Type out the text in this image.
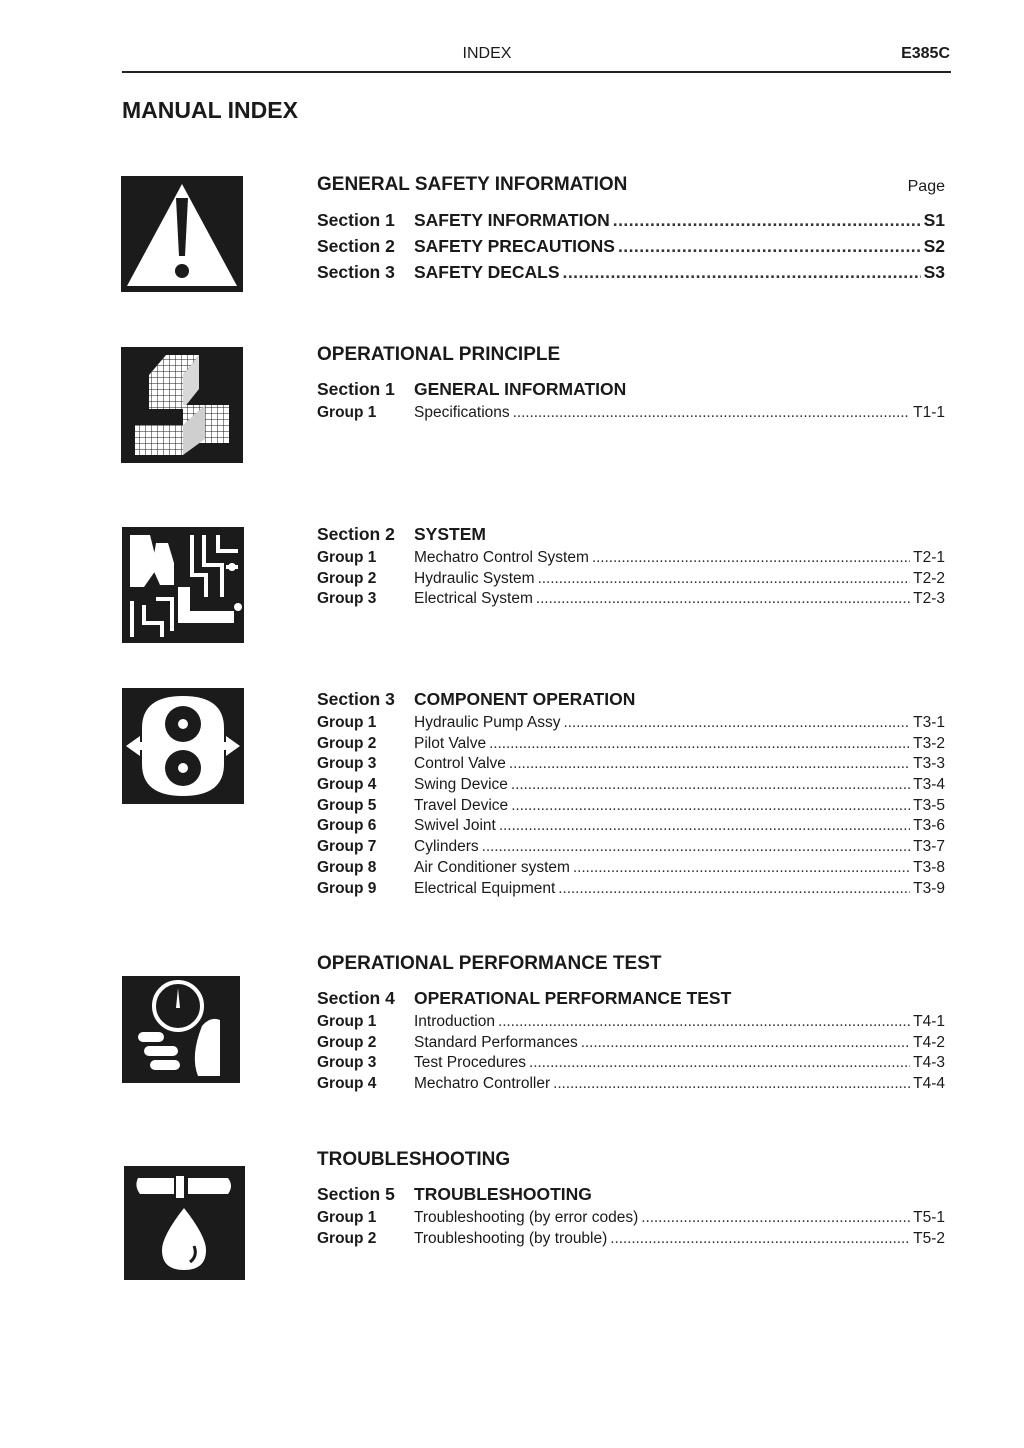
INDEX	E385C
MANUAL INDEX
GENERAL SAFETY INFORMATION	Page
Section 1	SAFETY INFORMATION . . .	S1
Section 2	SAFETY PRECAUTIONS . . .	S2
Section 3	SAFETY DECALS . . .	S3
OPERATIONAL PRINCIPLE
Section 1	GENERAL INFORMATION
Group 1	Specifications . . .	T1-1
Section 2	SYSTEM
Group 1	Mechatro Control System . . .	T2-1
Group 2	Hydraulic System . . .	T2-2
Group 3	Electrical System . . .	T2-3
Section 3	COMPONENT OPERATION
Group 1	Hydraulic Pump Assy . . .	T3-1
Group 2	Pilot Valve . . .	T3-2
Group 3	Control Valve . . .	T3-3
Group 4	Swing Device . . .	T3-4
Group 5	Travel Device . . .	T3-5
Group 6	Swivel Joint . . .	T3-6
Group 7	Cylinders . . .	T3-7
Group 8	Air Conditioner system . . .	T3-8
Group 9	Electrical Equipment . . .	T3-9
OPERATIONAL PERFORMANCE TEST
Section 4	OPERATIONAL PERFORMANCE TEST
Group 1	Introduction . . .	T4-1
Group 2	Standard Performances . . .	T4-2
Group 3	Test Procedures . . .	T4-3
Group 4	Mechatro Controller . . .	T4-4
TROUBLESHOOTING
Section 5	TROUBLESHOOTING
Group 1	Troubleshooting (by error codes) . . .	T5-1
Group 2	Troubleshooting (by trouble) . . .	T5-2
